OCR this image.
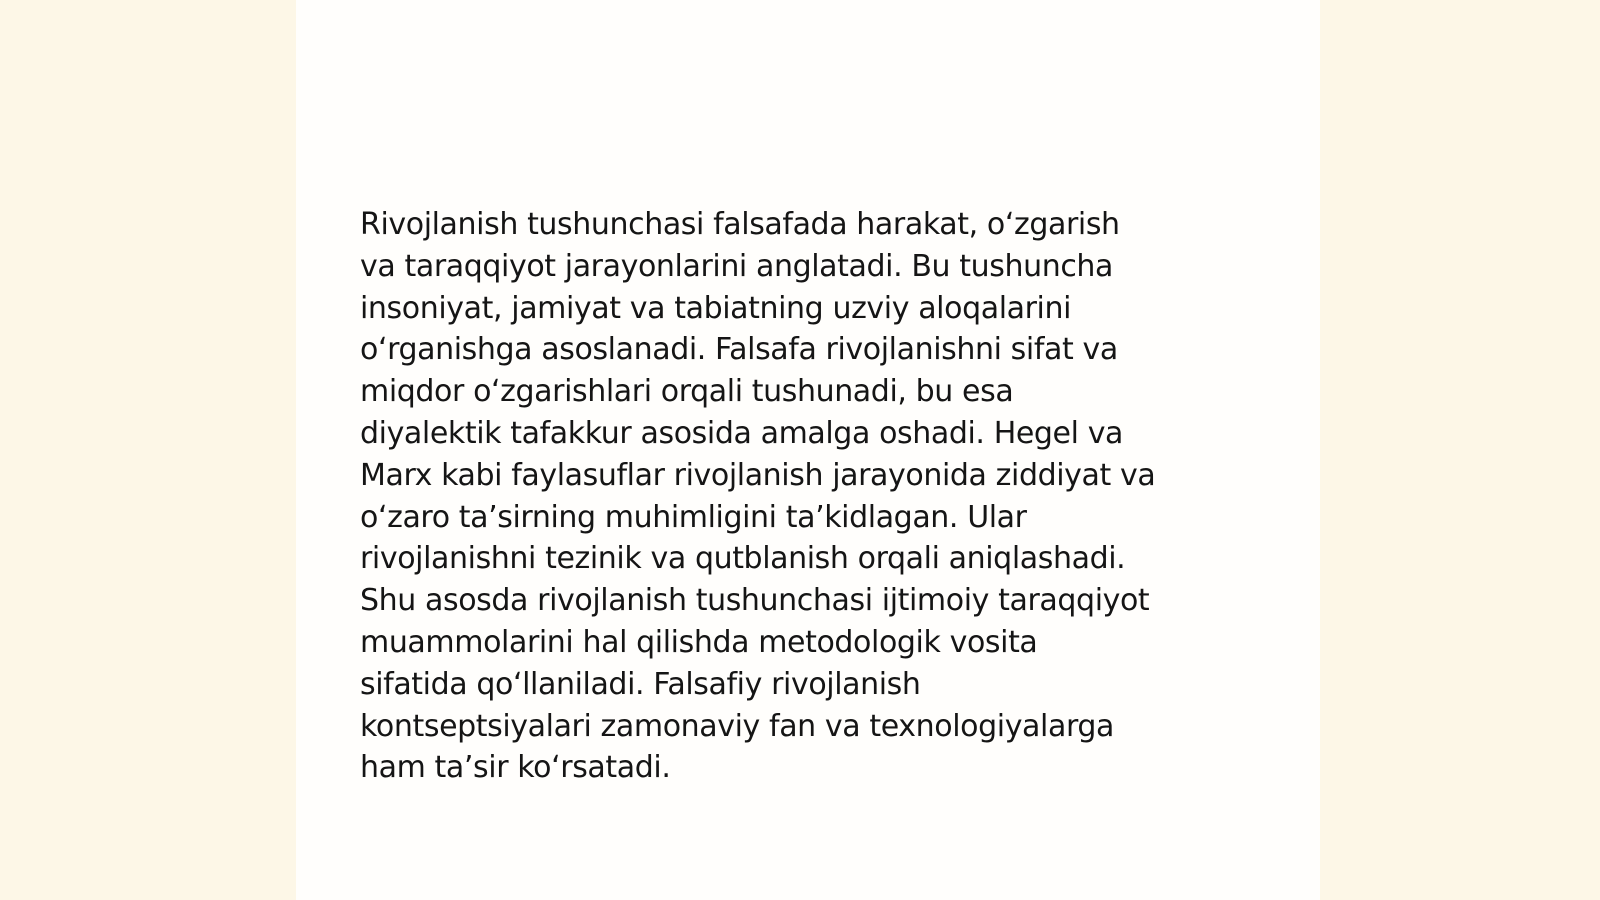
Rivojlanish tushunchasi falsafada harakat, oʻzgarish
va taraqqiyot jarayonlarini anglatadi. Bu tushuncha
insoniyat, jamiyat va tabiatning uzviy aloqalarini
oʻrganishga asoslanadi. Falsafa rivojlanishni sifat va
miqdor oʻzgarishlari orqali tushunadi, bu esa
diyalektik tafakkur asosida amalga oshadi. Hegel va
Marx kabi faylasuflar rivojlanish jarayonida ziddiyat va
oʻzaro taʼsirning muhimligini taʼkidlagan. Ular
rivojlanishni tezinik va qutblanish orqali aniqlashadi.
Shu asosda rivojlanish tushunchasi ijtimoiy taraqqiyot
muammolarini hal qilishda metodologik vosita
sifatida qoʻllaniladi. Falsafiy rivojlanish
kontseptsiyalari zamonaviy fan va texnologiyalarga
ham taʼsir koʻrsatadi.
